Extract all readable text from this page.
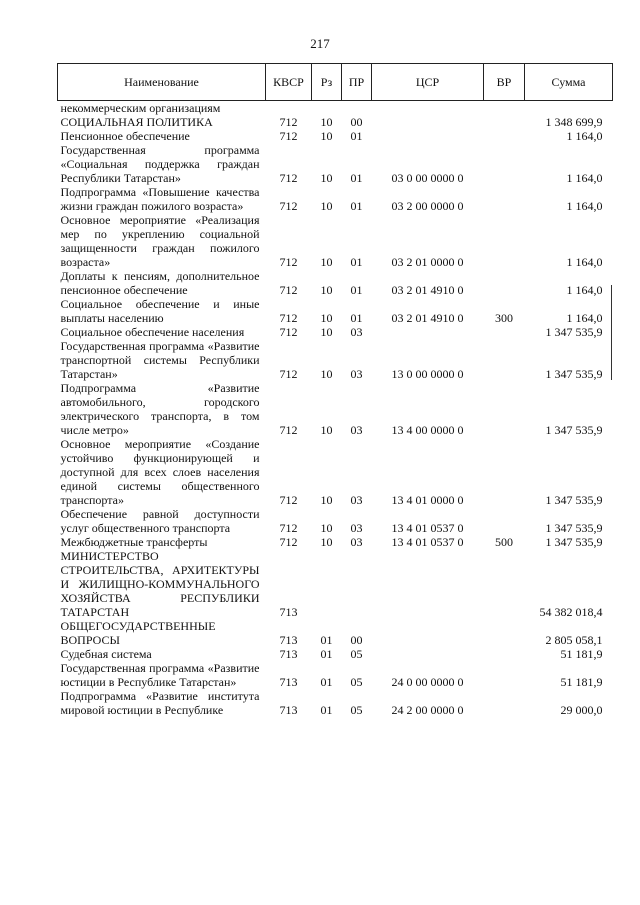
217
Наименование	КВСР	Рз	ПР	ЦСР	ВР	Сумма
некоммерческим организациям						
СОЦИАЛЬНАЯ ПОЛИТИКА	712	10	00			1 348 699,9
Пенсионное обеспечение	712	10	01			1 164,0
Государственная программа «Социальная поддержка граждан Республики Татарстан»	712	10	01	03 0 00 0000 0		1 164,0
Подпрограмма «Повышение качества жизни граждан пожилого возраста»	712	10	01	03 2 00 0000 0		1 164,0
Основное мероприятие «Реализация мер по укреплению социальной защищенности граждан пожилого возраста»	712	10	01	03 2 01 0000 0		1 164,0
Доплаты к пенсиям, дополнительное пенсионное обеспечение	712	10	01	03 2 01 4910 0		1 164,0
Социальное обеспечение и иные выплаты населению	712	10	01	03 2 01 4910 0	300	1 164,0
Социальное обеспечение населения	712	10	03			1 347 535,9
Государственная программа «Развитие транспортной системы Республики Татарстан»	712	10	03	13 0 00 0000 0		1 347 535,9
Подпрограмма «Развитие автомобильного, городского электрического транспорта, в том числе метро»	712	10	03	13 4 00 0000 0		1 347 535,9
Основное мероприятие «Создание устойчиво функционирующей и доступной для всех слоев населения единой системы общественного транспорта»	712	10	03	13 4 01 0000 0		1 347 535,9
Обеспечение равной доступности услуг общественного транспорта	712	10	03	13 4 01 0537 0		1 347 535,9
Межбюджетные трансферты	712	10	03	13 4 01 0537 0	500	1 347 535,9
МИНИСТЕРСТВО СТРОИТЕЛЬСТВА, АРХИТЕКТУРЫ И ЖИЛИЩНО-КОММУНАЛЬНОГО ХОЗЯЙСТВА РЕСПУБЛИКИ ТАТАРСТАН	713					54 382 018,4
ОБЩЕГОСУДАРСТВЕННЫЕ ВОПРОСЫ	713	01	00			2 805 058,1
Судебная система	713	01	05			51 181,9
Государственная программа «Развитие юстиции в Республике Татарстан»	713	01	05	24 0 00 0000 0		51 181,9
Подпрограмма «Развитие института мировой юстиции в Республике	713	01	05	24 2 00 0000 0		29 000,0
